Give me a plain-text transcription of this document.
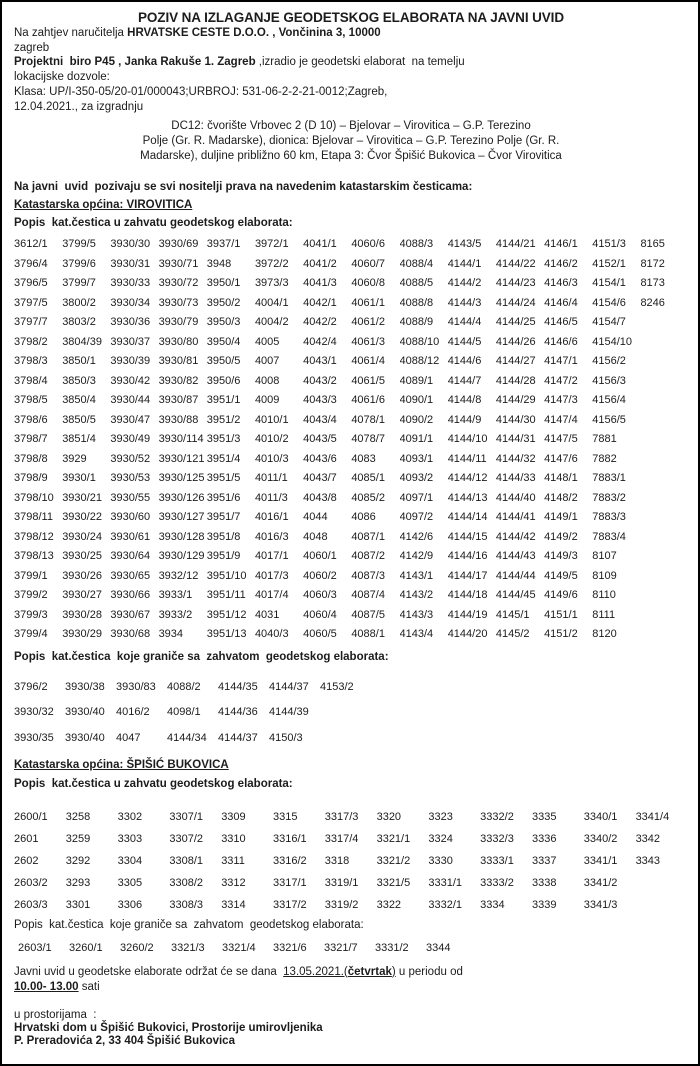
POZIV NA IZLAGANJE GEODETSKOG ELABORATA NA JAVNI UVID

Na zahtjev naručitelja HRVATSKE CESTE D.O.O. , Vončinina 3, 10000

zagreb

Projektni  biro P45 , Janka Rakuše 1. Zagreb ,izradio je geodetski elaborat  na temelju

lokacijske dozvole:

Klasa: UP/I-350-05/20-01/000043;URBROJ: 531-06-2-2-21-0012;Zagreb,

12.04.2021., za izgradnju

DC12: čvorište Vrbovec 2 (D 10) – Bjelovar – Virovitica – G.P. Terezino

Polje (Gr. R. Madarske), dionica: Bjelovar – Virovitica – G.P. Terezino Polje (Gr. R.

Madarske), duljine približno 60 km, Etapa 3: Čvor Špišić Bukovica – Čvor Virovitica

Na javni  uvid  pozivaju se svi nositelji prava na navedenim katastarskim česticama:

Katastarska općina: VIROVITICA

Popis  kat.čestica u zahvatu geodetskog elaborata:

3612/1	3799/5	3930/30 3930/69 3937/1	3972/1	4041/1	4060/6	4088/3	4143/5	4144/21 4146/1	4151/3	8165
3796/4	3799/6	3930/31 3930/71 3948	3972/2	4041/2	4060/7	4088/4	4144/1	4144/22 4146/2	4152/1	8172
3796/5	3799/7	3930/33 3930/72 3950/1	3973/3	4041/3	4060/8	4088/5	4144/2	4144/23 4146/3	4154/1	8173
3797/5	3800/2	3930/34 3930/73 3950/2	4004/1	4042/1	4061/1	4088/8	4144/3	4144/24 4146/4	4154/6	8246
3797/7	3803/2	3930/36 3930/79 3950/3	4004/2	4042/2	4061/2	4088/9	4144/4	4144/25 4146/5	4154/7
3798/2	3804/39 3930/37 3930/80 3950/4	4005	4042/4	4061/3	4088/10 4144/5	4144/26 4146/6	4154/10
3798/3	3850/1	3930/39 3930/81 3950/5	4007	4043/1	4061/4	4088/12 4144/6	4144/27 4147/1	4156/2
3798/4	3850/3	3930/42 3930/82 3950/6	4008	4043/2	4061/5	4089/1	4144/7	4144/28 4147/2	4156/3
3798/5	3850/4	3930/44 3930/87 3951/1	4009	4043/3	4061/6	4090/1	4144/8	4144/29 4147/3	4156/4
3798/6	3850/5	3930/47 3930/88 3951/2	4010/1	4043/4	4078/1	4090/2	4144/9	4144/30 4147/4	4156/5
3798/7	3851/4	3930/49 3930/114 3951/3	4010/2	4043/5	4078/7	4091/1	4144/10 4144/31 4147/5	7881
3798/8	3929	3930/52 3930/121 3951/4	4010/3	4043/6	4083	4093/1	4144/11 4144/32 4147/6	7882
3798/9	3930/1	3930/53 3930/125 3951/5	4011/1	4043/7	4085/1	4093/2	4144/12 4144/33 4148/1	7883/1
3798/10 3930/21 3930/55 3930/126 3951/6	4011/3	4043/8	4085/2	4097/1	4144/13 4144/40 4148/2	7883/2
3798/11 3930/22 3930/60 3930/127 3951/7	4016/1	4044	4086	4097/2	4144/14 4144/41 4149/1	7883/3
3798/12 3930/24 3930/61 3930/128 3951/8	4016/3	4048	4087/1	4142/6	4144/15 4144/42 4149/2	7883/4
3798/13 3930/25 3930/64 3930/129 3951/9	4017/1	4060/1	4087/2	4142/9	4144/16 4144/43 4149/3	8107
3799/1	3930/26 3930/65 3932/12 3951/10 4017/3	4060/2	4087/3	4143/1	4144/17 4144/44 4149/5	8109
3799/2	3930/27 3930/66 3933/1	3951/11 4017/4	4060/3	4087/4	4143/2	4144/18 4144/45 4149/6	8110
3799/3	3930/28 3930/67 3933/2	3951/12 4031	4060/4	4087/5	4143/3	4144/19 4145/1	4151/1	8111
3799/4	3930/29 3930/68 3934	3951/13 4040/3	4060/5	4088/1	4143/4	4144/20 4145/2	4151/2	8120

Popis  kat.čestica  koje graniče sa  zahvatom  geodetskog elaborata:

3796/2	3930/38	3930/83	4088/2	4144/35	4144/37	4153/2
3930/32	3930/40	4016/2	4098/1	4144/36	4144/39
3930/35	3930/40	4047	4144/34	4144/37	4150/3

Katastarska općina: ŠPIŠIĆ BUKOVICA

Popis  kat.čestica u zahvatu geodetskog elaborata:

2600/1	3258	3302	3307/1	3309	3315	3317/3	3320	3323	3332/2	3335	3340/1	3341/4
2601	3259	3303	3307/2	3310	3316/1	3317/4	3321/1	3324	3332/3	3336	3340/2	3342
2602	3292	3304	3308/1	3311	3316/2	3318	3321/2	3330	3333/1	3337	3341/1	3343
2603/2	3293	3305	3308/2	3312	3317/1	3319/1	3321/5	3331/1	3333/2	3338	3341/2
2603/3	3301	3306	3308/3	3314	3317/2	3319/2	3322	3332/1	3334	3339	3341/3

Popis  kat.čestica  koje graniče sa  zahvatom  geodetskog elaborata:

2603/1	3260/1	3260/2	3321/3	3321/4	3321/6	3321/7	3331/2	3344

Javni uvid u geodetske elaborate održat će se dana  13.05.2021.(četvrtak) u periodu od

10.00- 13.00 sati

u prostorijama  :

Hrvatski dom u Špišić Bukovici, Prostorije umirovljenika

P. Preradovića 2, 33 404 Špišić Bukovica
